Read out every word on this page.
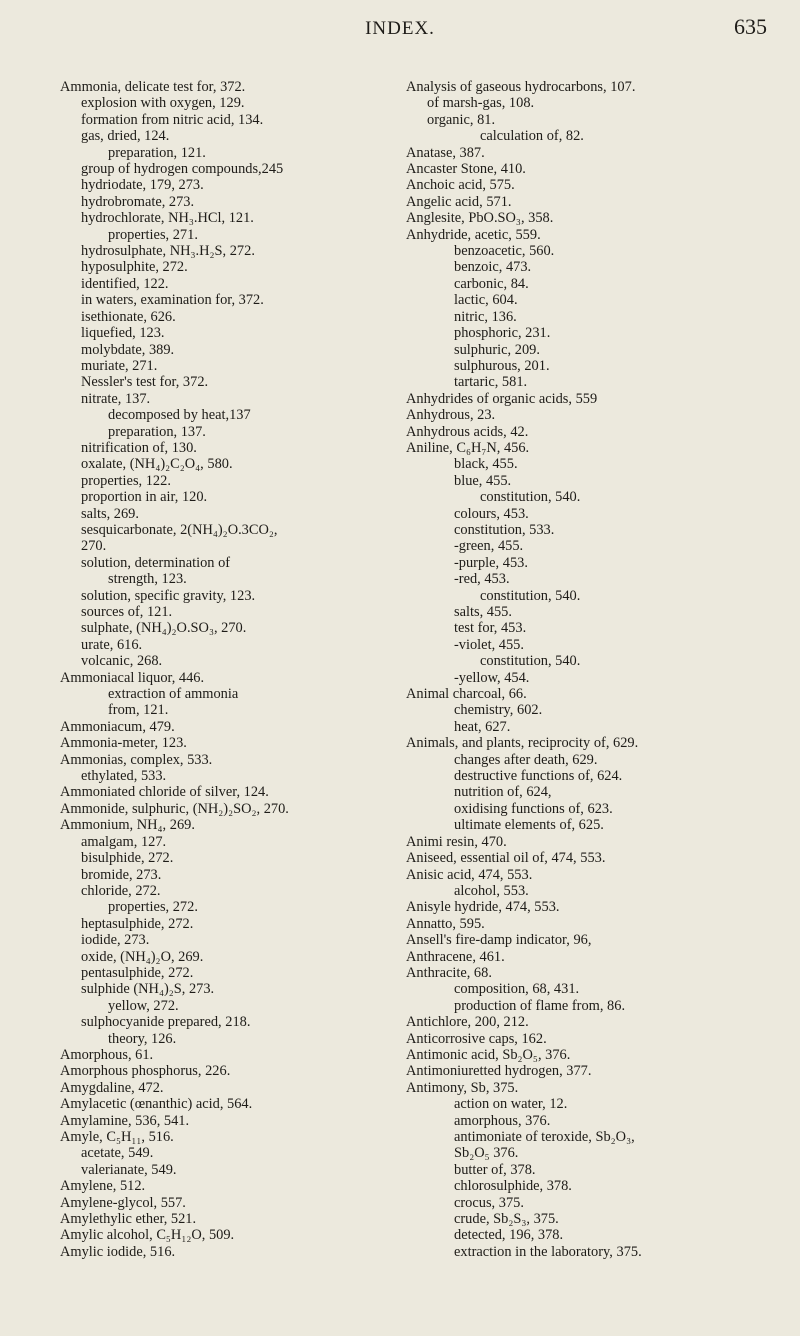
INDEX.	635
Ammonia, delicate test for, 372.
explosion with oxygen, 129.
formation from nitric acid, 134.
gas, dried, 124.
preparation, 121.
group of hydrogen compounds,245
hydriodate, 179, 273.
hydrobromate, 273.
hydrochlorate, NH₃.HCl, 121.
properties, 271.
hydrosulphate, NH₃.H₂S, 272.
hyposulphite, 272.
identified, 122.
in waters, examination for, 372.
isethionate, 626.
liquefied, 123.
molybdate, 389.
muriate, 271.
Nessler's test for, 372.
nitrate, 137.
decomposed by heat,137
preparation, 137.
nitrification of, 130.
oxalate, (NH₄)₂C₂O₄, 580.
properties, 122.
proportion in air, 120.
salts, 269.
sesquicarbonate, 2(NH₄)₂O.3CO₂,
270.
solution, determination of
strength, 123.
solution, specific gravity, 123.
sources of, 121.
sulphate, (NH₄)₂O.SO₃, 270.
urate, 616.
volcanic, 268.
Ammoniacal liquor, 446.
extraction of ammonia
from, 121.
Ammoniacum, 479.
Ammonia-meter, 123.
Ammonias, complex, 533.
ethylated, 533.
Ammoniated chloride of silver, 124.
Ammonide, sulphuric, (NH₂)₂SO₂, 270.
Ammonium, NH₄, 269.
amalgam, 127.
bisulphide, 272.
bromide, 273.
chloride, 272.
properties, 272.
heptasulphide, 272.
iodide, 273.
oxide, (NH₄)₂O, 269.
pentasulphide, 272.
sulphide (NH₄)₂S, 273.
yellow, 272.
sulphocyanide prepared, 218.
theory, 126.
Amorphous, 61.
Amorphous phosphorus, 226.
Amygdaline, 472.
Amylacetic (œnanthic) acid, 564.
Amylamine, 536, 541.
Amyle, C₅H₁₁, 516.
acetate, 549.
valerianate, 549.
Amylene, 512.
Amylene-glycol, 557.
Amylethylic ether, 521.
Amylic alcohol, C₅H₁₂O, 509.
Amylic iodide, 516.
Analysis of gaseous hydrocarbons, 107.
of marsh-gas, 108.
organic, 81.
calculation of, 82.
Anatase, 387.
Ancaster Stone, 410.
Anchoic acid, 575.
Angelic acid, 571.
Anglesite, PbO.SO₃, 358.
Anhydride, acetic, 559.
benzoacetic, 560.
benzoic, 473.
carbonic, 84.
lactic, 604.
nitric, 136.
phosphoric, 231.
sulphuric, 209.
sulphurous, 201.
tartaric, 581.
Anhydrides of organic acids, 559
Anhydrous, 23.
Anhydrous acids, 42.
Aniline, C₆H₇N, 456.
black, 455.
blue, 455.
constitution, 540.
colours, 453.
constitution, 533.
-green, 455.
-purple, 453.
-red, 453.
constitution, 540.
salts, 455.
test for, 453.
-violet, 455.
constitution, 540.
-yellow, 454.
Animal charcoal, 66.
chemistry, 602.
heat, 627.
Animals, and plants, reciprocity of, 629.
changes after death, 629.
destructive functions of, 624.
nutrition of, 624,
oxidising functions of, 623.
ultimate elements of, 625.
Animi resin, 470.
Aniseed, essential oil of, 474, 553.
Anisic acid, 474, 553.
alcohol, 553.
Anisyle hydride, 474, 553.
Annatto, 595.
Ansell's fire-damp indicator, 96,
Anthracene, 461.
Anthracite, 68.
composition, 68, 431.
production of flame from, 86.
Antichlore, 200, 212.
Anticorrosive caps, 162.
Antimonic acid, Sb₂O₅, 376.
Antimoniuretted hydrogen, 377.
Antimony, Sb, 375.
action on water, 12.
amorphous, 376.
antimoniate of teroxide, Sb₂O₃,
Sb₂O₅ 376.
butter of, 378.
chlorosulphide, 378.
crocus, 375.
crude, Sb₂S₃, 375.
detected, 196, 378.
extraction in the laboratory, 375.
